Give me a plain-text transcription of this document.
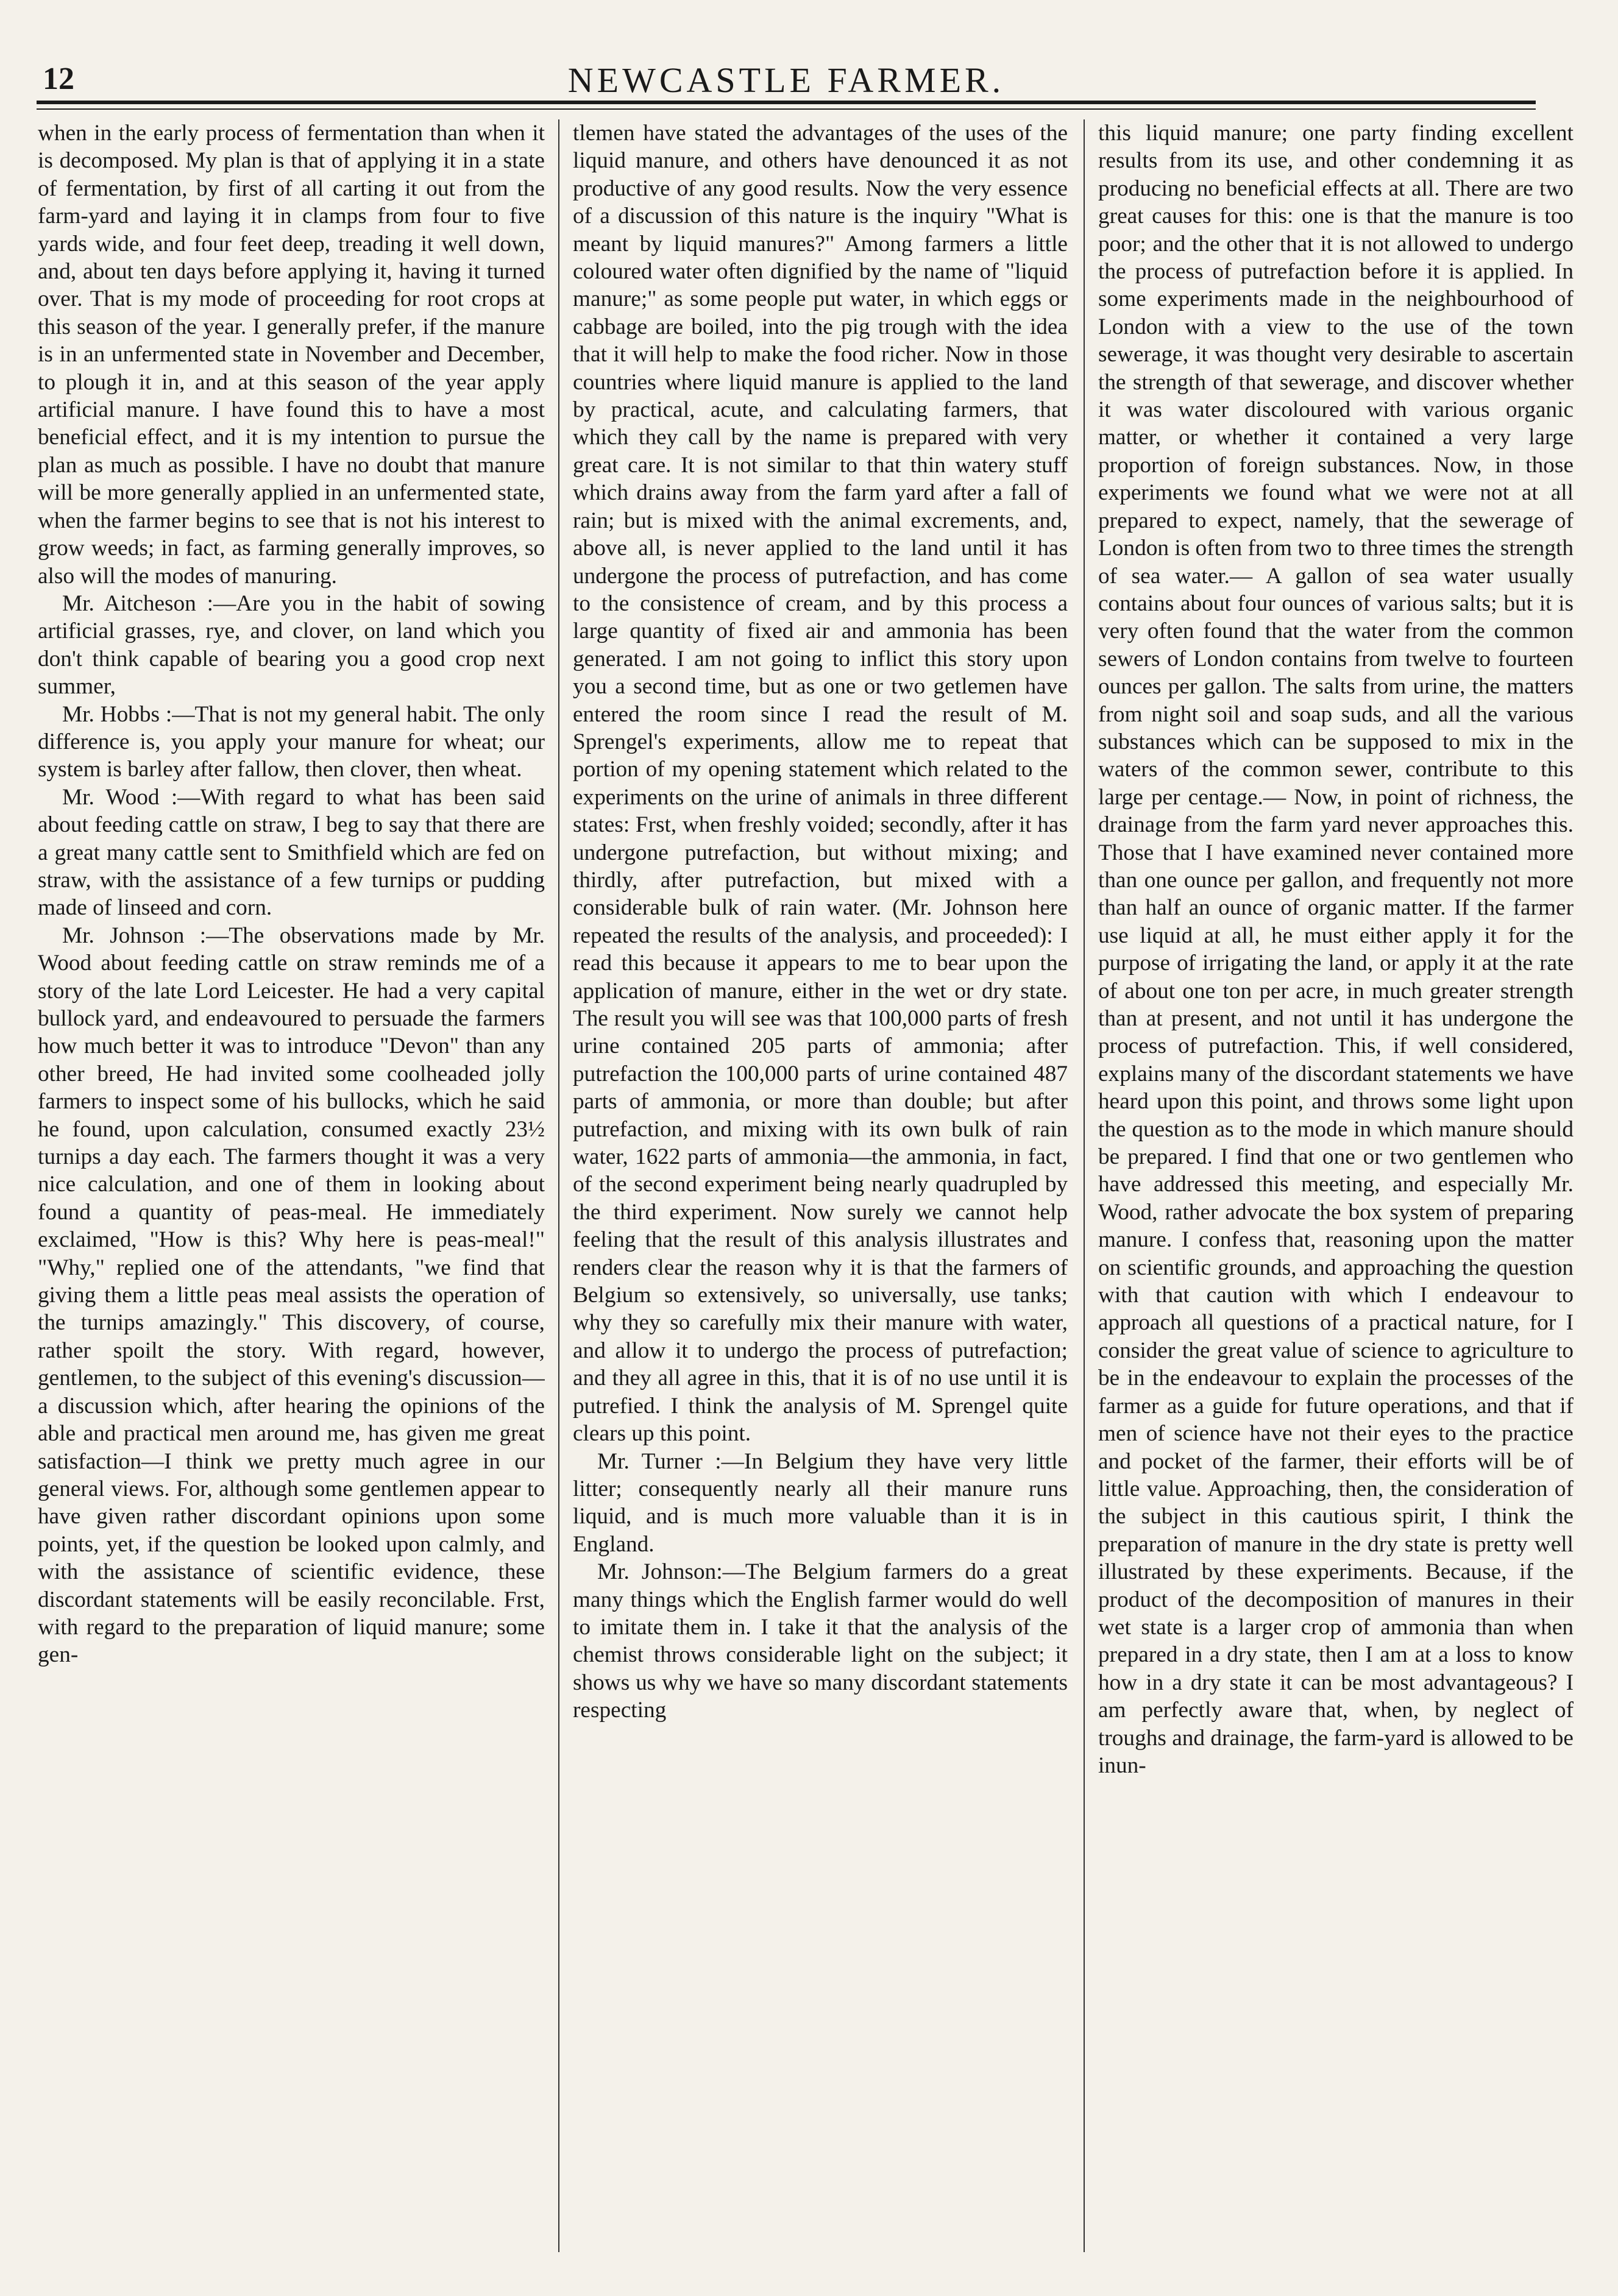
12	NEWCASTLE FARMER.

when in the early process of fermentation than when it is decomposed. My plan is that of applying it in a state of fermentation, by first of all carting it out from the farm-yard and laying it in clamps from four to five yards wide, and four feet deep, treading it well down, and, about ten days before applying it, having it turned over. That is my mode of proceeding for root crops at this season of the year. I generally prefer, if the manure is in an unfermented state in November and December, to plough it in, and at this season of the year apply artificial manure. I have found this to have a most beneficial effect, and it is my intention to pursue the plan as much as possible. I have no doubt that manure will be more generally applied in an unfermented state, when the farmer begins to see that is not his interest to grow weeds; in fact, as farming generally improves, so also will the modes of manuring.

Mr. Aitcheson :—Are you in the habit of sowing artificial grasses, rye, and clover, on land which you don't think capable of bearing you a good crop next summer,

Mr. Hobbs :—That is not my general habit. The only difference is, you apply your manure for wheat; our system is barley after fallow, then clover, then wheat.

Mr. Wood :—With regard to what has been said about feeding cattle on straw, I beg to say that there are a great many cattle sent to Smithfield which are fed on straw, with the assistance of a few turnips or pudding made of linseed and corn.

Mr. Johnson :—The observations made by Mr. Wood about feeding cattle on straw reminds me of a story of the late Lord Leicester. He had a very capital bullock yard, and endeavoured to persuade the farmers how much better it was to introduce "Devon" than any other breed, He had invited some coolheaded jolly farmers to inspect some of his bullocks, which he said he found, upon calculation, consumed exactly 23½ turnips a day each. The farmers thought it was a very nice calculation, and one of them in looking about found a quantity of peas-meal. He immediately exclaimed, "How is this? Why here is peas-meal!" "Why," replied one of the attendants, "we find that giving them a little peas meal assists the operation of the turnips amazingly." This discovery, of course, rather spoilt the story. With regard, however, gentlemen, to the subject of this evening's discussion—a discussion which, after hearing the opinions of the able and practical men around me, has given me great satisfaction—I think we pretty much agree in our general views. For, although some gentlemen appear to have given rather discordant opinions upon some points, yet, if the question be looked upon calmly, and with the assistance of scientific evidence, these discordant statements will be easily reconcilable. Frst, with regard to the preparation of liquid manure; some gen-

tlemen have stated the advantages of the uses of the liquid manure, and others have denounced it as not productive of any good results. Now the very essence of a discussion of this nature is the inquiry "What is meant by liquid manures?" Among farmers a little coloured water often dignified by the name of "liquid manure;" as some people put water, in which eggs or cabbage are boiled, into the pig trough with the idea that it will help to make the food richer. Now in those countries where liquid manure is applied to the land by practical, acute, and calculating farmers, that which they call by the name is prepared with very great care. It is not similar to that thin watery stuff which drains away from the farm yard after a fall of rain; but is mixed with the animal excrements, and, above all, is never applied to the land until it has undergone the process of putrefaction, and has come to the consistence of cream, and by this process a large quantity of fixed air and ammonia has been generated. I am not going to inflict this story upon you a second time, but as one or two getlemen have entered the room since I read the result of M. Sprengel's experiments, allow me to repeat that portion of my opening statement which related to the experiments on the urine of animals in three different states: Frst, when freshly voided; secondly, after it has undergone putrefaction, but without mixing; and thirdly, after putrefaction, but mixed with a considerable bulk of rain water. (Mr. Johnson here repeated the results of the analysis, and proceeded): I read this because it appears to me to bear upon the application of manure, either in the wet or dry state. The result you will see was that 100,000 parts of fresh urine contained 205 parts of ammonia; after putrefaction the 100,000 parts of urine contained 487 parts of ammonia, or more than double; but after putrefaction, and mixing with its own bulk of rain water, 1622 parts of ammonia—the ammonia, in fact, of the second experiment being nearly quadrupled by the third experiment. Now surely we cannot help feeling that the result of this analysis illustrates and renders clear the reason why it is that the farmers of Belgium so extensively, so universally, use tanks; why they so carefully mix their manure with water, and allow it to undergo the process of putrefaction; and they all agree in this, that it is of no use until it is putrefied. I think the analysis of M. Sprengel quite clears up this point.

Mr. Turner :—In Belgium they have very little litter; consequently nearly all their manure runs liquid, and is much more valuable than it is in England.

Mr. Johnson:—The Belgium farmers do a great many things which the English farmer would do well to imitate them in. I take it that the analysis of the chemist throws considerable light on the subject; it shows us why we have so many discordant statements respecting

this liquid manure; one party finding excellent results from its use, and other condemning it as producing no beneficial effects at all. There are two great causes for this: one is that the manure is too poor; and the other that it is not allowed to undergo the process of putrefaction before it is applied. In some experiments made in the neighbourhood of London with a view to the use of the town sewerage, it was thought very desirable to ascertain the strength of that sewerage, and discover whether it was water discoloured with various organic matter, or whether it contained a very large proportion of foreign substances. Now, in those experiments we found what we were not at all prepared to expect, namely, that the sewerage of London is often from two to three times the strength of sea water.— A gallon of sea water usually contains about four ounces of various salts; but it is very often found that the water from the common sewers of London contains from twelve to fourteen ounces per gallon. The salts from urine, the matters from night soil and soap suds, and all the various substances which can be supposed to mix in the waters of the common sewer, contribute to this large per centage.— Now, in point of richness, the drainage from the farm yard never approaches this. Those that I have examined never contained more than one ounce per gallon, and frequently not more than half an ounce of organic matter. If the farmer use liquid at all, he must either apply it for the purpose of irrigating the land, or apply it at the rate of about one ton per acre, in much greater strength than at present, and not until it has undergone the process of putrefaction. This, if well considered, explains many of the discordant statements we have heard upon this point, and throws some light upon the question as to the mode in which manure should be prepared. I find that one or two gentlemen who have addressed this meeting, and especially Mr. Wood, rather advocate the box system of preparing manure. I confess that, reasoning upon the matter on scientific grounds, and approaching the question with that caution with which I endeavour to approach all questions of a practical nature, for I consider the great value of science to agriculture to be in the endeavour to explain the processes of the farmer as a guide for future operations, and that if men of science have not their eyes to the practice and pocket of the farmer, their efforts will be of little value. Approaching, then, the consideration of the subject in this cautious spirit, I think the preparation of manure in the dry state is pretty well illustrated by these experiments. Because, if the product of the decomposition of manures in their wet state is a larger crop of ammonia than when prepared in a dry state, then I am at a loss to know how in a dry state it can be most advantageous? I am perfectly aware that, when, by neglect of troughs and drainage, the farm-yard is allowed to be inun-
